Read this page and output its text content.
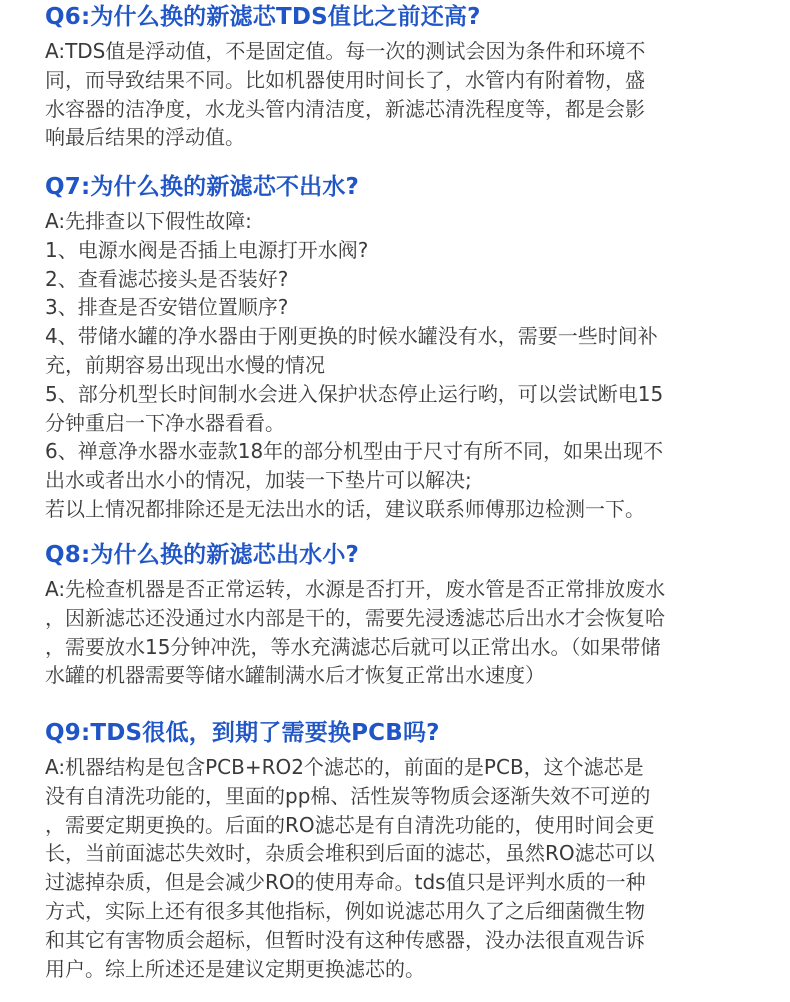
Q6:为什么换的新滤芯TDS值比之前还高?
A:TDS值是浮动值，不是固定值。每一次的测试会因为条件和环境不
同，而导致结果不同。比如机器使用时间长了，水管内有附着物，盛
水容器的洁净度，水龙头管内清洁度，新滤芯清洗程度等，都是会影
响最后结果的浮动值。
Q7:为什么换的新滤芯不出水?
A:先排查以下假性故障:
1、电源水阀是否插上电源打开水阀?
2、查看滤芯接头是否装好?
3、排查是否安错位置顺序?
4、带储水罐的净水器由于刚更换的时候水罐没有水，需要一些时间补
充，前期容易出现出水慢的情况
5、部分机型长时间制水会进入保护状态停止运行哟，可以尝试断电15
分钟重启一下净水器看看。
6、禅意净水器水壶款18年的部分机型由于尺寸有所不同，如果出现不
出水或者出水小的情况，加装一下垫片可以解决;
若以上情况都排除还是无法出水的话，建议联系师傅那边检测一下。
Q8:为什么换的新滤芯出水小?
A:先检查机器是否正常运转，水源是否打开，废水管是否正常排放废水
，因新滤芯还没通过水内部是干的，需要先浸透滤芯后出水才会恢复哈
，需要放水15分钟冲洗，等水充满滤芯后就可以正常出水。（如果带储
水罐的机器需要等储水罐制满水后才恢复正常出水速度）
Q9:TDS很低，到期了需要换PCB吗?
A:机器结构是包含PCB+RO2个滤芯的，前面的是PCB，这个滤芯是
没有自清洗功能的，里面的pp棉、活性炭等物质会逐渐失效不可逆的
，需要定期更换的。后面的RO滤芯是有自清洗功能的，使用时间会更
长，当前面滤芯失效时，杂质会堆积到后面的滤芯，虽然RO滤芯可以
过滤掉杂质，但是会减少RO的使用寿命。tds值只是评判水质的一种
方式，实际上还有很多其他指标，例如说滤芯用久了之后细菌微生物
和其它有害物质会超标，但暂时没有这种传感器，没办法很直观告诉
用户。综上所述还是建议定期更换滤芯的。
